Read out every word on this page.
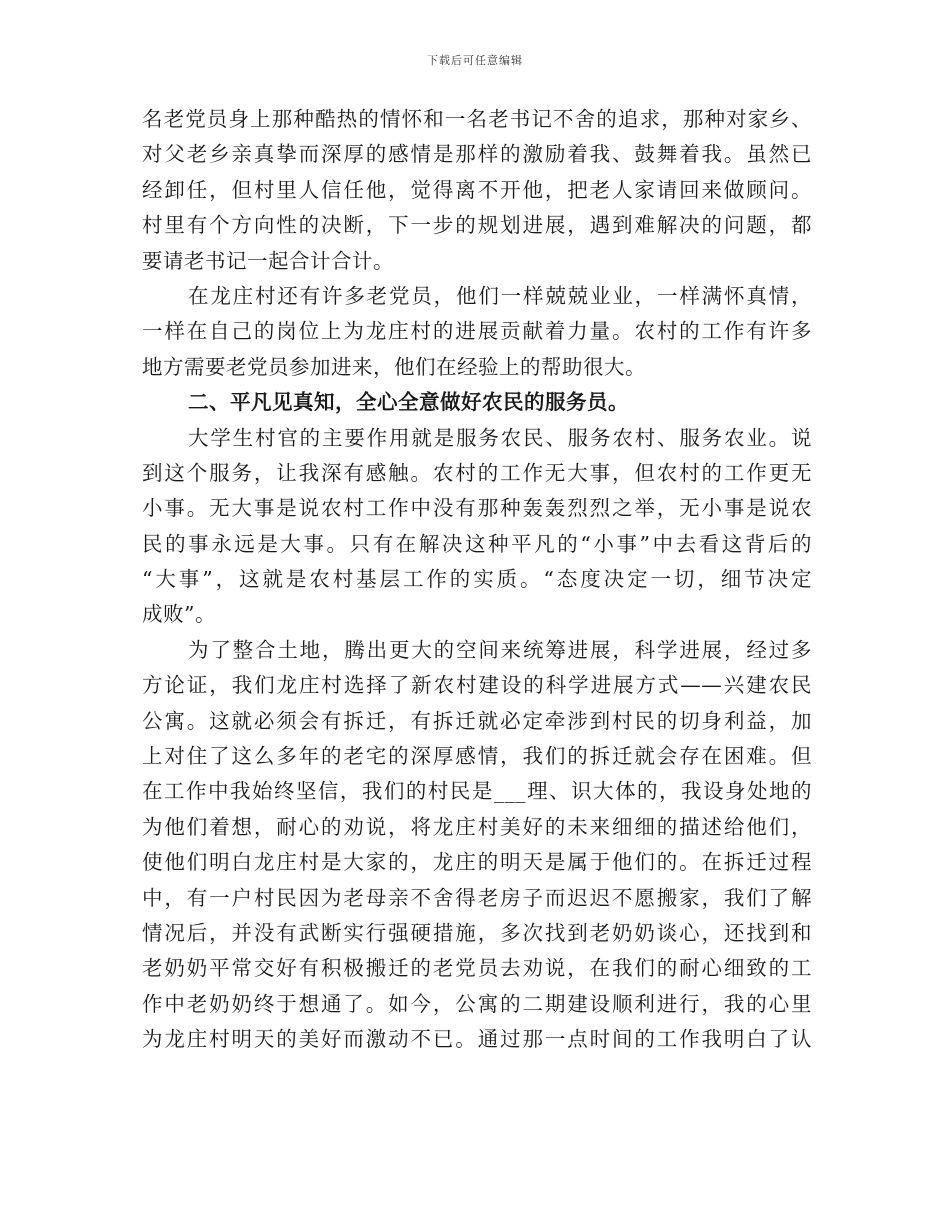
下载后可任意编辑
名老党员身上那种酷热的情怀和一名老书记不舍的追求，那种对家乡、
对父老乡亲真挚而深厚的感情是那样的激励着我、鼓舞着我。虽然已
经卸任，但村里人信任他，觉得离不开他，把老人家请回来做顾问。
村里有个方向性的决断，下一步的规划进展，遇到难解决的问题，都
要请老书记一起合计合计。
在龙庄村还有许多老党员，他们一样兢兢业业，一样满怀真情，
一样在自己的岗位上为龙庄村的进展贡献着力量。农村的工作有许多
地方需要老党员参加进来，他们在经验上的帮助很大。
二、平凡见真知，全心全意做好农民的服务员。
大学生村官的主要作用就是服务农民、服务农村、服务农业。说
到这个服务，让我深有感触。农村的工作无大事，但农村的工作更无
小事。无大事是说农村工作中没有那种轰轰烈烈之举，无小事是说农
民的事永远是大事。只有在解决这种平凡的“小事”中去看这背后的
“大事”，这就是农村基层工作的实质。“态度决定一切，细节决定
成败”。
为了整合土地，腾出更大的空间来统筹进展，科学进展，经过多
方论证，我们龙庄村选择了新农村建设的科学进展方式——兴建农民
公寓。这就必须会有拆迁，有拆迁就必定牵涉到村民的切身利益，加
上对住了这么多年的老宅的深厚感情，我们的拆迁就会存在困难。但
在工作中我始终坚信，我们的村民是___理、识大体的，我设身处地的
为他们着想，耐心的劝说，将龙庄村美好的未来细细的描述给他们，
使他们明白龙庄村是大家的，龙庄的明天是属于他们的。在拆迁过程
中，有一户村民因为老母亲不舍得老房子而迟迟不愿搬家，我们了解
情况后，并没有武断实行强硬措施，多次找到老奶奶谈心，还找到和
老奶奶平常交好有积极搬迁的老党员去劝说，在我们的耐心细致的工
作中老奶奶终于想通了。如今，公寓的二期建设顺利进行，我的心里
为龙庄村明天的美好而激动不已。通过那一点时间的工作我明白了认
